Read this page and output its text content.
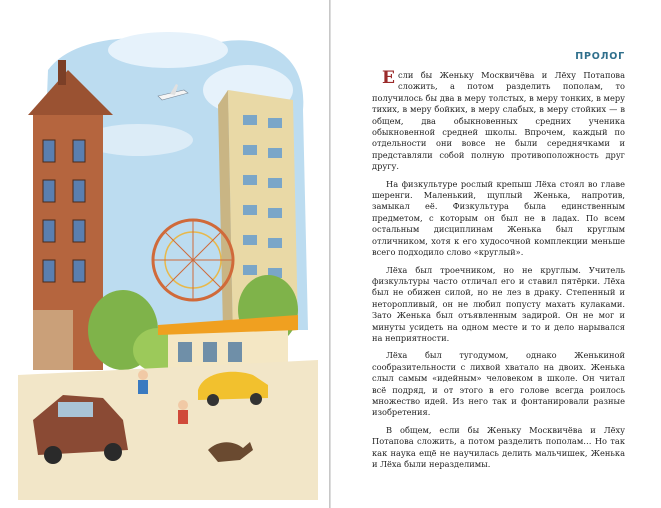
ПРОЛОГ

Если бы Женьку Москвичёва и Лёху Потапова сложить, а потом разделить пополам, то получилось бы два в меру толстых, в меру тонких, в меру тихих, в меру бойких, в меру слабых, в меру стойких — в общем, два обыкновенных средних ученика обыкновенной средней школы. Впрочем, каждый по отдельности они вовсе не были середнячками и представляли собой полную противоположность друг другу.

На физкультуре рослый крепыш Лёха стоял во главе шеренги. Маленький, щуплый Женька, напротив, замыкал её. Физкультура была единственным предметом, с которым он был не в ладах. По всем остальным дисциплинам Женька был круглым отличником, хотя к его худосочной комплекции меньше всего подходило слово «круглый».

Лёха был троечником, но не круглым. Учитель физкультуры часто отличал его и ставил пятёрки. Лёха был не обижен силой, но не лез в драку. Степенный и неторопливый, он не любил попусту махать кулаками. Зато Женька был отъявленным задирой. Он не мог и минуты усидеть на одном месте и то и дело нарывался на неприятности.

Лёха был тугодумом, однако Женькиной сообразительности с лихвой хватало на двоих. Женька слыл самым «идейным» человеком в школе. Он читал всё подряд, и от этого в его голове всегда роилось множество идей. Из него так и фонтанировали разные изобретения.

В общем, если бы Женьку Москвичёва и Лёху Потапова сложить, а потом разделить пополам… Но так как наука ещё не научилась делить мальчишек, Женька и Лёха были неразделимы.
